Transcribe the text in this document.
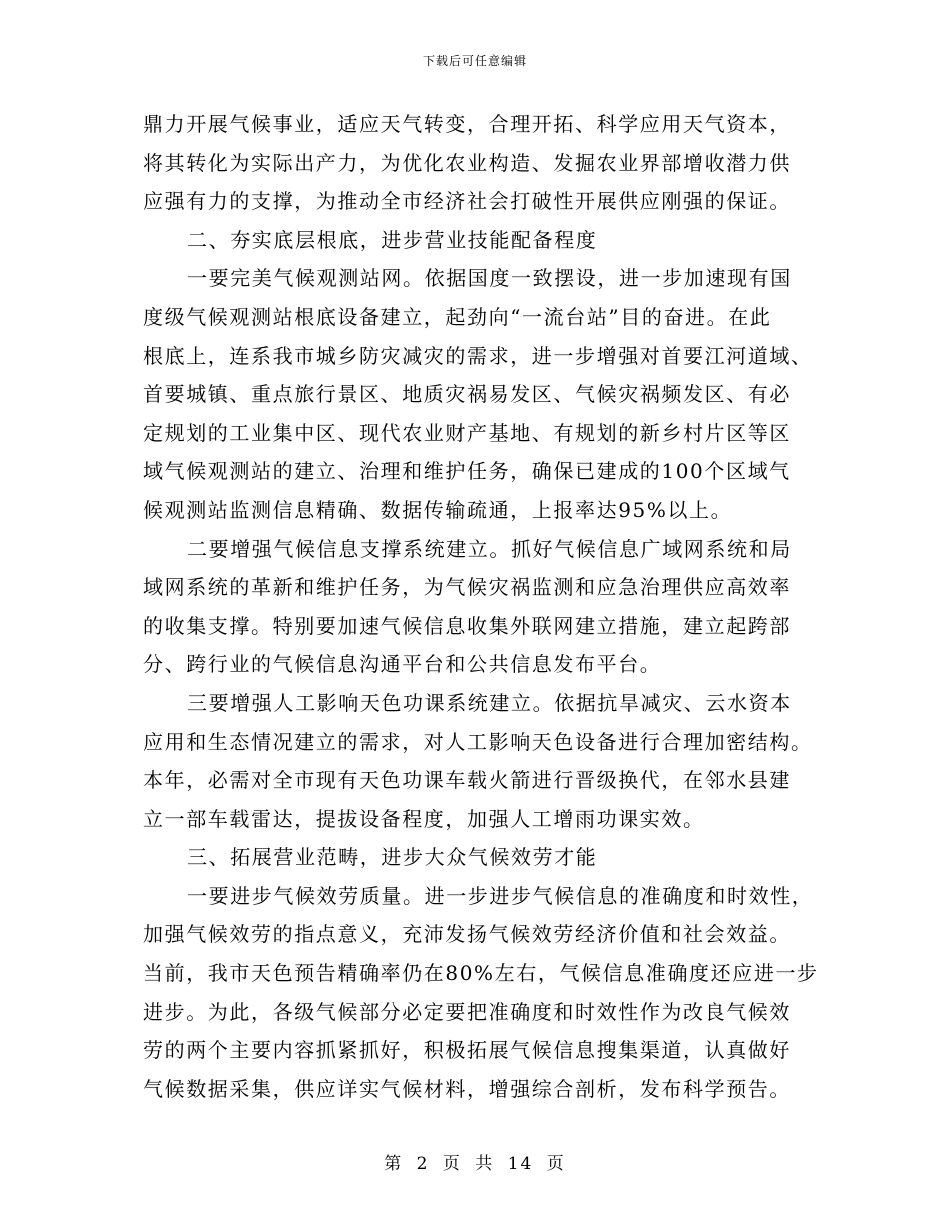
下载后可任意编辑
鼎力开展气候事业，适应天气转变，合理开拓、科学应用天气资本，
将其转化为实际出产力，为优化农业构造、发掘农业界部增收潜力供
应强有力的支撑，为推动全市经济社会打破性开展供应刚强的保证。
二、夯实底层根底，进步营业技能配备程度
一要完美气候观测站网。依据国度一致摆设，进一步加速现有国
度级气候观测站根底设备建立，起劲向“一流台站”目的奋进。在此
根底上，连系我市城乡防灾减灾的需求，进一步增强对首要江河道域、
首要城镇、重点旅行景区、地质灾祸易发区、气候灾祸频发区、有必
定规划的工业集中区、现代农业财产基地、有规划的新乡村片区等区
域气候观测站的建立、治理和维护任务，确保已建成的100个区域气
候观测站监测信息精确、数据传输疏通，上报率达95%以上。
二要增强气候信息支撑系统建立。抓好气候信息广域网系统和局
域网系统的革新和维护任务，为气候灾祸监测和应急治理供应高效率
的收集支撑。特别要加速气候信息收集外联网建立措施，建立起跨部
分、跨行业的气候信息沟通平台和公共信息发布平台。
三要增强人工影响天色功课系统建立。依据抗旱减灾、云水资本
应用和生态情况建立的需求，对人工影响天色设备进行合理加密结构。
本年，必需对全市现有天色功课车载火箭进行晋级换代，在邻水县建
立一部车载雷达，提拔设备程度，加强人工增雨功课实效。
三、拓展营业范畴，进步大众气候效劳才能
一要进步气候效劳质量。进一步进步气候信息的准确度和时效性，
加强气候效劳的指点意义，充沛发扬气候效劳经济价值和社会效益。
当前，我市天色预告精确率仍在80%左右，气候信息准确度还应进一步
进步。为此，各级气候部分必定要把准确度和时效性作为改良气候效
劳的两个主要内容抓紧抓好，积极拓展气候信息搜集渠道，认真做好
气候数据采集，供应详实气候材料，增强综合剖析，发布科学预告。
第 2 页 共 14 页
